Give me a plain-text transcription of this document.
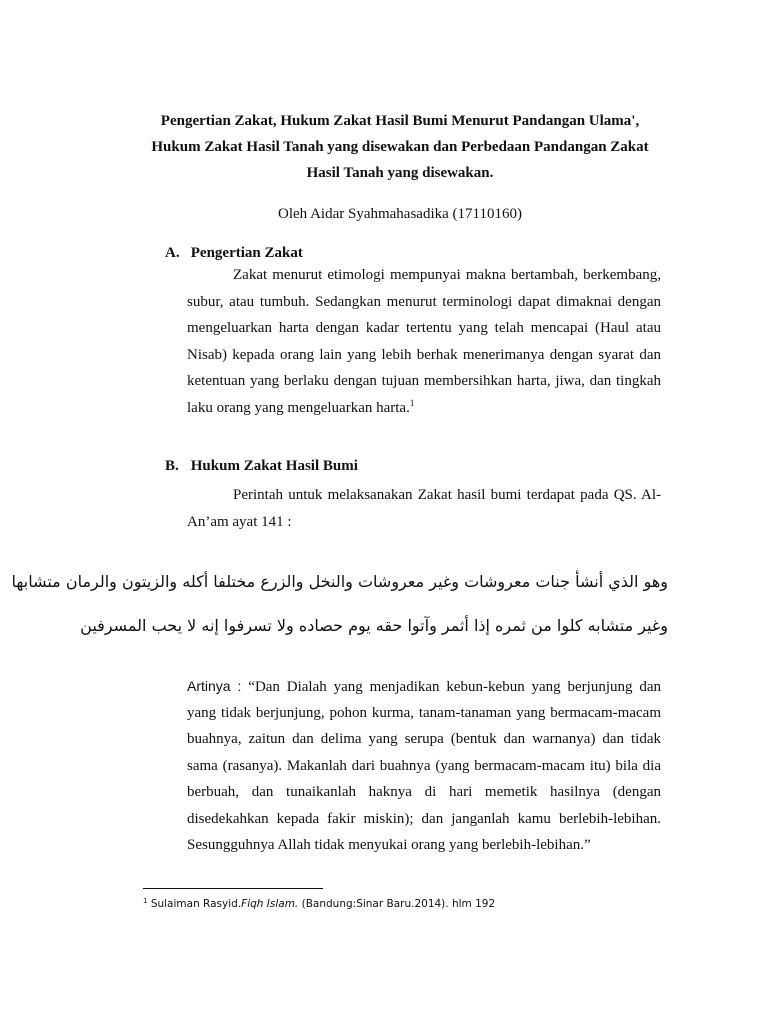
Pengertian Zakat, Hukum Zakat Hasil Bumi Menurut Pandangan Ulama',
Hukum Zakat Hasil Tanah yang disewakan dan Perbedaan Pandangan Zakat
Hasil Tanah yang disewakan.
Oleh Aidar Syahmahasadika (17110160)
A. Pengertian Zakat
Zakat menurut etimologi mempunyai makna bertambah, berkembang,
subur, atau tumbuh. Sedangkan menurut terminologi dapat dimaknai dengan
mengeluarkan harta dengan kadar tertentu yang telah mencapai (Haul atau
Nisab) kepada orang lain yang lebih berhak menerimanya dengan syarat dan
ketentuan yang berlaku dengan tujuan membersihkan harta, jiwa, dan tingkah
laku orang yang mengeluarkan harta.$^1$
B. Hukum Zakat Hasil Bumi
Perintah untuk melaksanakan Zakat hasil bumi terdapat pada QS. Al-
An’am ayat 141 :
وهو الذي أنشأ جنات معروشات وغير معروشات والنخل والزرع مختلفا أكله والزيتون والرمان متشابها
وغير متشابه كلوا من ثمره إذا أثمر وآتوا حقه يوم حصاده ولا تسرفوا إنه لا يحب المسرفين
Artinya : “Dan Dialah yang menjadikan kebun-kebun yang berjunjung dan
yang tidak berjunjung, pohon kurma, tanam-tanaman yang bermacam-macam
buahnya, zaitun dan delima yang serupa (bentuk dan warnanya) dan tidak
sama (rasanya). Makanlah dari buahnya (yang bermacam-macam itu) bila dia
berbuah, dan tunaikanlah haknya di hari memetik hasilnya (dengan
disedekahkan kepada fakir miskin); dan janganlah kamu berlebih-lebihan.
Sesungguhnya Allah tidak menyukai orang yang berlebih-lebihan.”
$^1$ Sulaiman Rasyid.Fiqh Islam. (Bandung:Sinar Baru.2014). hlm 192
